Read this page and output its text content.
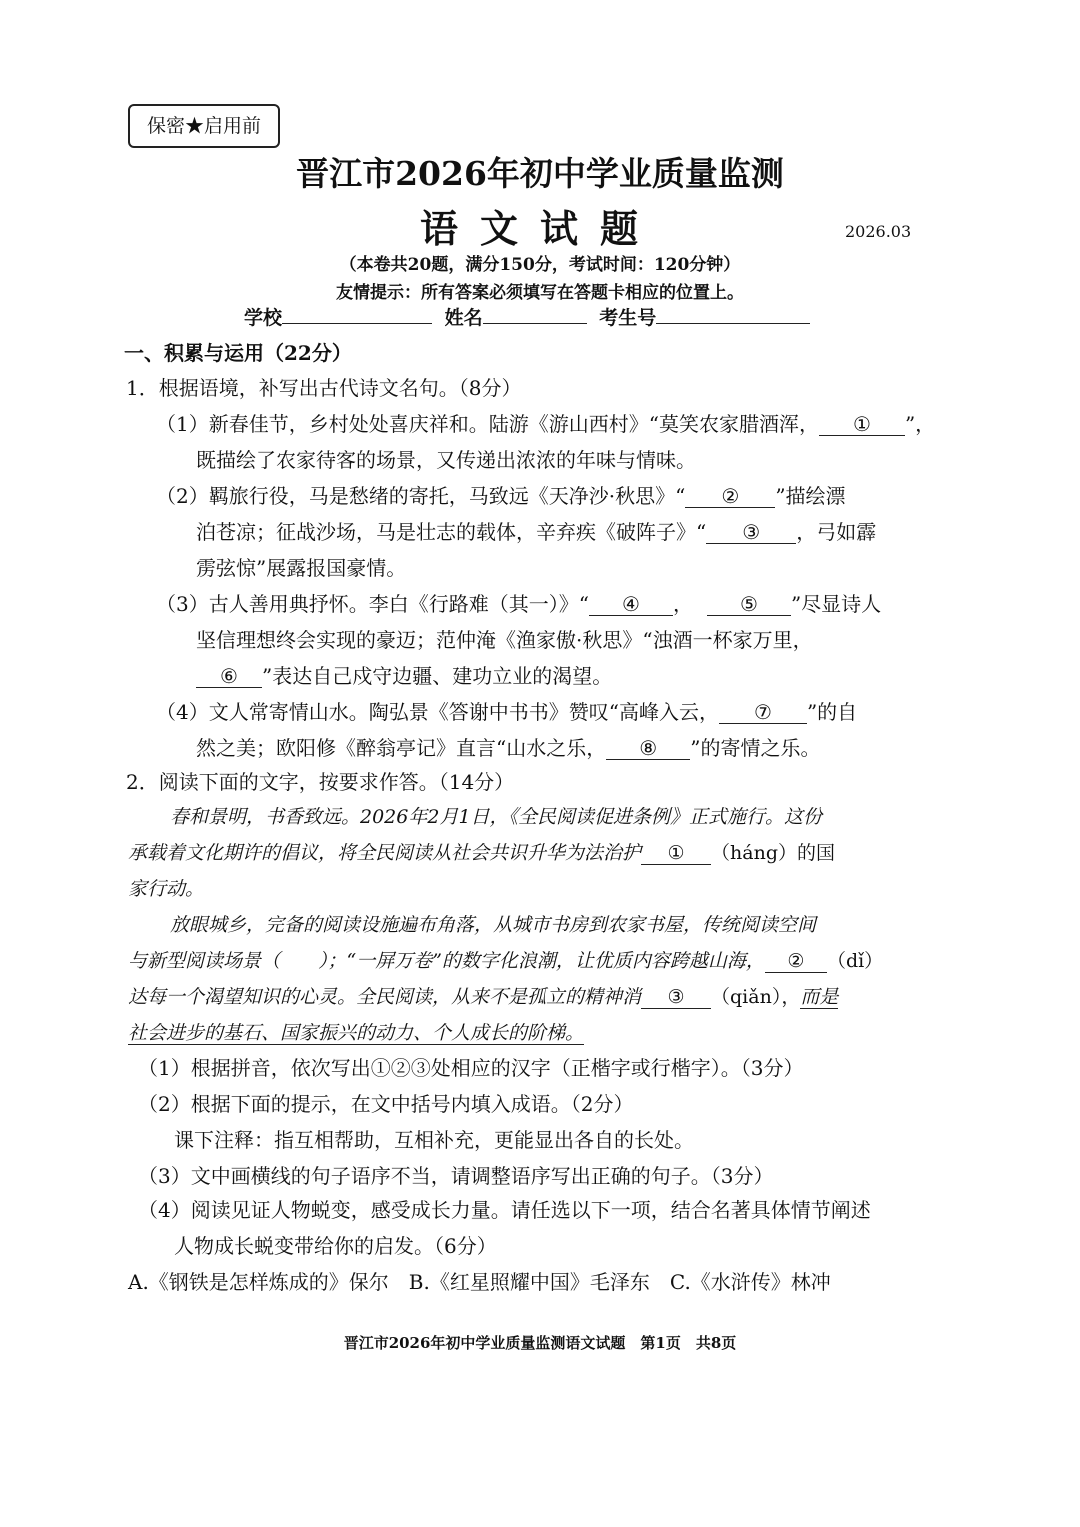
保密★启用前
晋江市2026年初中学业质量监测
语文试题	2026.03
（本卷共20题，满分150分，考试时间：120分钟）
友情提示：所有答案必须填写在答题卡相应的位置上。
学校	姓名	考生号
一、积累与运用（22分）
1．根据语境，补写出古代诗文名句。（8分）
（1）新春佳节，乡村处处喜庆祥和。陆游《游山西村》“莫笑农家腊酒浑， ① ”，
既描绘了农家待客的场景，又传递出浓浓的年味与情味。
（2）羁旅行役，马是愁绪的寄托，马致远《天净沙·秋思》“ ② ”描绘漂
泊苍凉；征战沙场，马是壮志的载体，辛弃疾《破阵子》“ ③ ，弓如霹
雳弦惊”展露报国豪情。
（3）古人善用典抒怀。李白《行路难（其一）》“ ④ ， ⑤ ”尽显诗人
坚信理想终会实现的豪迈；范仲淹《渔家傲·秋思》“浊酒一杯家万里，
⑥ ”表达自己戍守边疆、建功立业的渴望。
（4）文人常寄情山水。陶弘景《答谢中书书》赞叹“高峰入云， ⑦ ”的自
然之美；欧阳修《醉翁亭记》直言“山水之乐， ⑧ ”的寄情之乐。
2．阅读下面的文字，按要求作答。（14分）
春和景明，书香致远。2026年2月1日，《全民阅读促进条例》正式施行。这份
承载着文化期许的倡议，将全民阅读从社会共识升华为法治护 ① （háng）的国
家行动。
放眼城乡，完备的阅读设施遍布角落，从城市书房到农家书屋，传统阅读空间
与新型阅读场景（　　）；“一屏万卷”的数字化浪潮，让优质内容跨越山海， ② （dǐ）
达每一个渴望知识的心灵。全民阅读，从来不是孤立的精神消 ③ （qiǎn），而是
社会进步的基石、国家振兴的动力、个人成长的阶梯。
（1）根据拼音，依次写出①②③处相应的汉字（正楷字或行楷字）。（3分）
（2）根据下面的提示，在文中括号内填入成语。（2分）
课下注释：指互相帮助，互相补充，更能显出各自的长处。
（3）文中画横线的句子语序不当，请调整语序写出正确的句子。（3分）
（4）阅读见证人物蜕变，感受成长力量。请任选以下一项，结合名著具体情节阐述
人物成长蜕变带给你的启发。（6分）
A.《钢铁是怎样炼成的》保尔　B.《红星照耀中国》毛泽东　C.《水浒传》林冲
晋江市2026年初中学业质量监测语文试题　第1页　共8页
